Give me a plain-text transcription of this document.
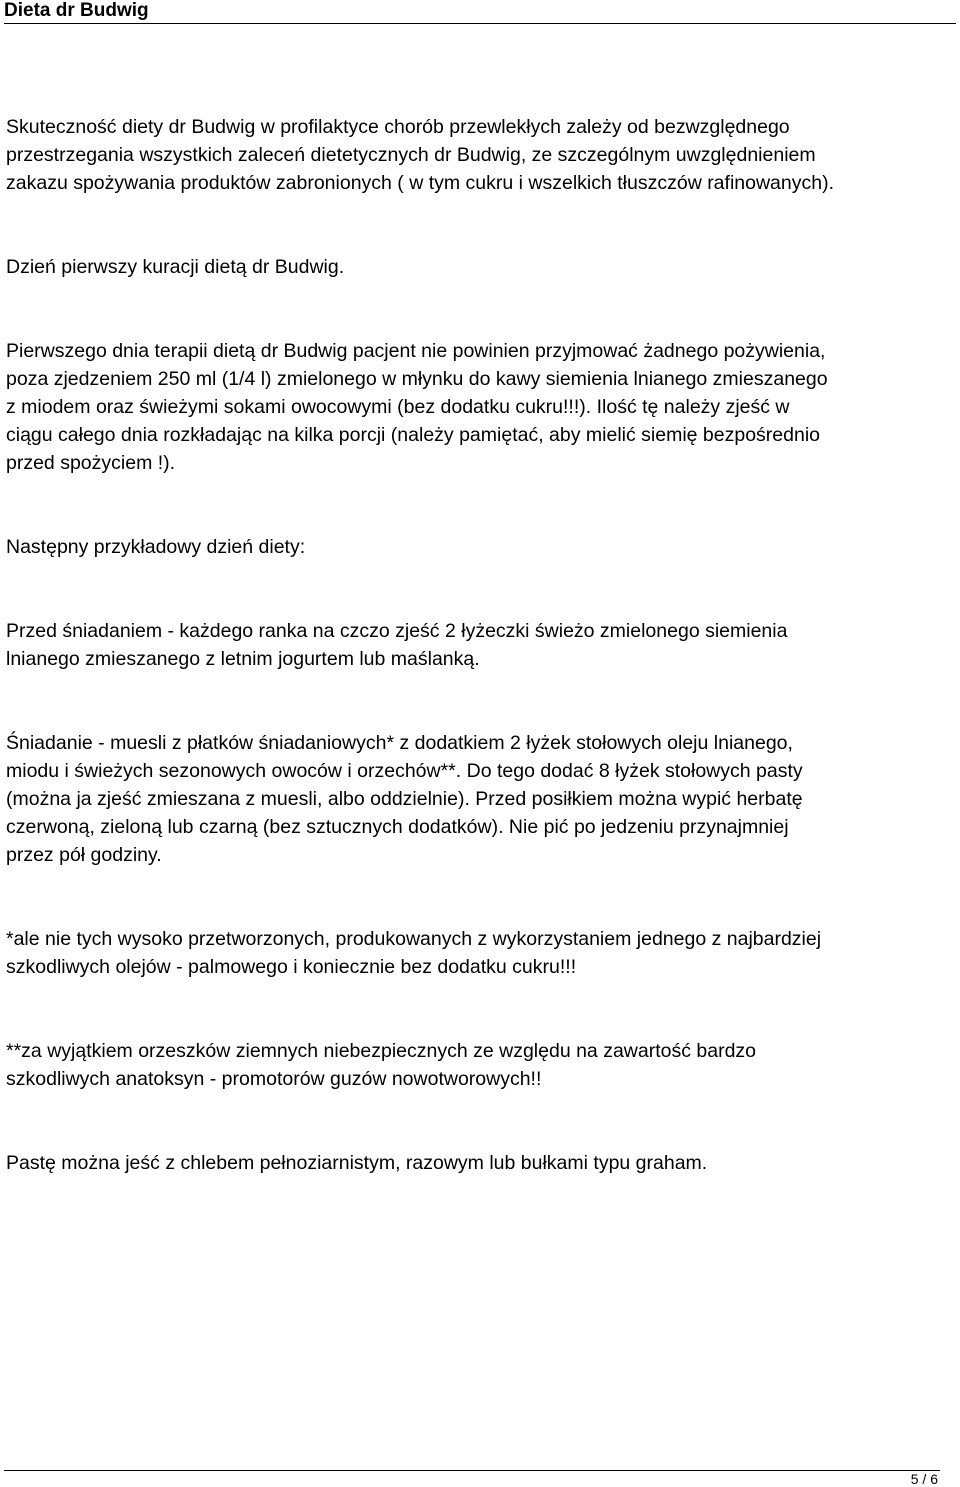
Dieta dr Budwig

Skuteczność diety dr Budwig w profilaktyce chorób przewlekłych zależy od bezwzględnego
przestrzegania wszystkich zaleceń dietetycznych dr Budwig, ze szczególnym uwzględnieniem
zakazu spożywania produktów zabronionych ( w tym cukru i wszelkich tłuszczów rafinowanych).

Dzień pierwszy kuracji dietą dr Budwig.

Pierwszego dnia terapii dietą dr Budwig pacjent nie powinien przyjmować żadnego pożywienia,
poza zjedzeniem 250 ml (1/4 l) zmielonego w młynku do kawy siemienia lnianego zmieszanego
z miodem oraz świeżymi sokami owocowymi (bez dodatku cukru!!!). Ilość tę należy zjeść w
ciągu całego dnia rozkładając na kilka porcji (należy pamiętać, aby mielić siemię bezpośrednio
przed spożyciem !).

Następny przykładowy dzień diety:

Przed śniadaniem - każdego ranka na czczo zjeść 2 łyżeczki świeżo zmielonego siemienia
lnianego zmieszanego z letnim jogurtem lub maślanką.

Śniadanie - muesli z płatków śniadaniowych* z dodatkiem 2 łyżek stołowych oleju lnianego,
miodu i świeżych sezonowych owoców i orzechów**. Do tego dodać 8 łyżek stołowych pasty
(można ja zjeść zmieszana z muesli, albo oddzielnie). Przed posiłkiem można wypić herbatę
czerwoną, zieloną lub czarną (bez sztucznych dodatków). Nie pić po jedzeniu przynajmniej
przez pół godziny.

*ale nie tych wysoko przetworzonych, produkowanych z wykorzystaniem jednego z najbardziej
szkodliwych olejów - palmowego i koniecznie bez dodatku cukru!!!

**za wyjątkiem orzeszków ziemnych niebezpiecznych ze względu na zawartość bardzo
szkodliwych anatoksyn - promotorów guzów nowotworowych!!

Pastę można jeść z chlebem pełnoziarnistym, razowym lub bułkami typu graham.

5 / 6
